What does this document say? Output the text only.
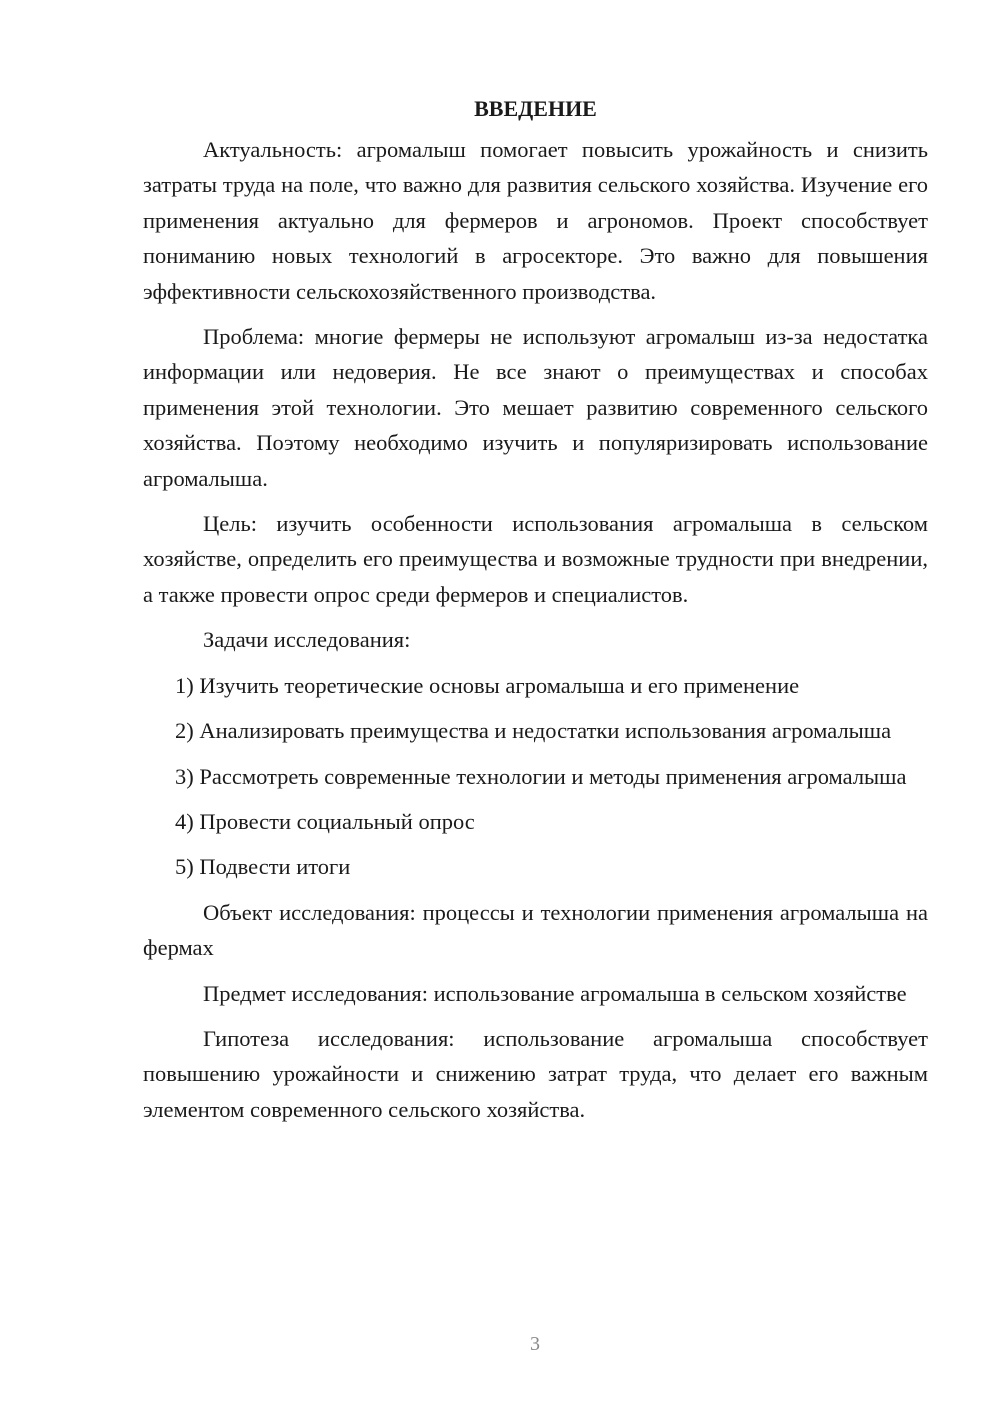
ВВЕДЕНИЕ

Актуальность: агромалыш помогает повысить урожайность и снизить затраты труда на поле, что важно для развития сельского хозяйства. Изучение его применения актуально для фермеров и агрономов. Проект способствует пониманию новых технологий в агросекторе. Это важно для повышения эффективности сельскохозяйственного производства.

Проблема: многие фермеры не используют агромалыш из-за недостатка информации или недоверия. Не все знают о преимуществах и способах применения этой технологии. Это мешает развитию современного сельского хозяйства. Поэтому необходимо изучить и популяризировать использование агромалыша.

Цель: изучить особенности использования агромалыша в сельском хозяйстве, определить его преимущества и возможные трудности при внедрении, а также провести опрос среди фермеров и специалистов.

Задачи исследования:

1) Изучить теоретические основы агромалыша и его применение

2) Анализировать преимущества и недостатки использования агромалыша

3) Рассмотреть современные технологии и методы применения агромалыша

4) Провести социальный опрос

5) Подвести итоги

Объект исследования: процессы и технологии применения агромалыша на фермах

Предмет исследования: использование агромалыша в сельском хозяйстве

Гипотеза исследования: использование агромалыша способствует повышению урожайности и снижению затрат труда, что делает его важным элементом современного сельского хозяйства.

3
